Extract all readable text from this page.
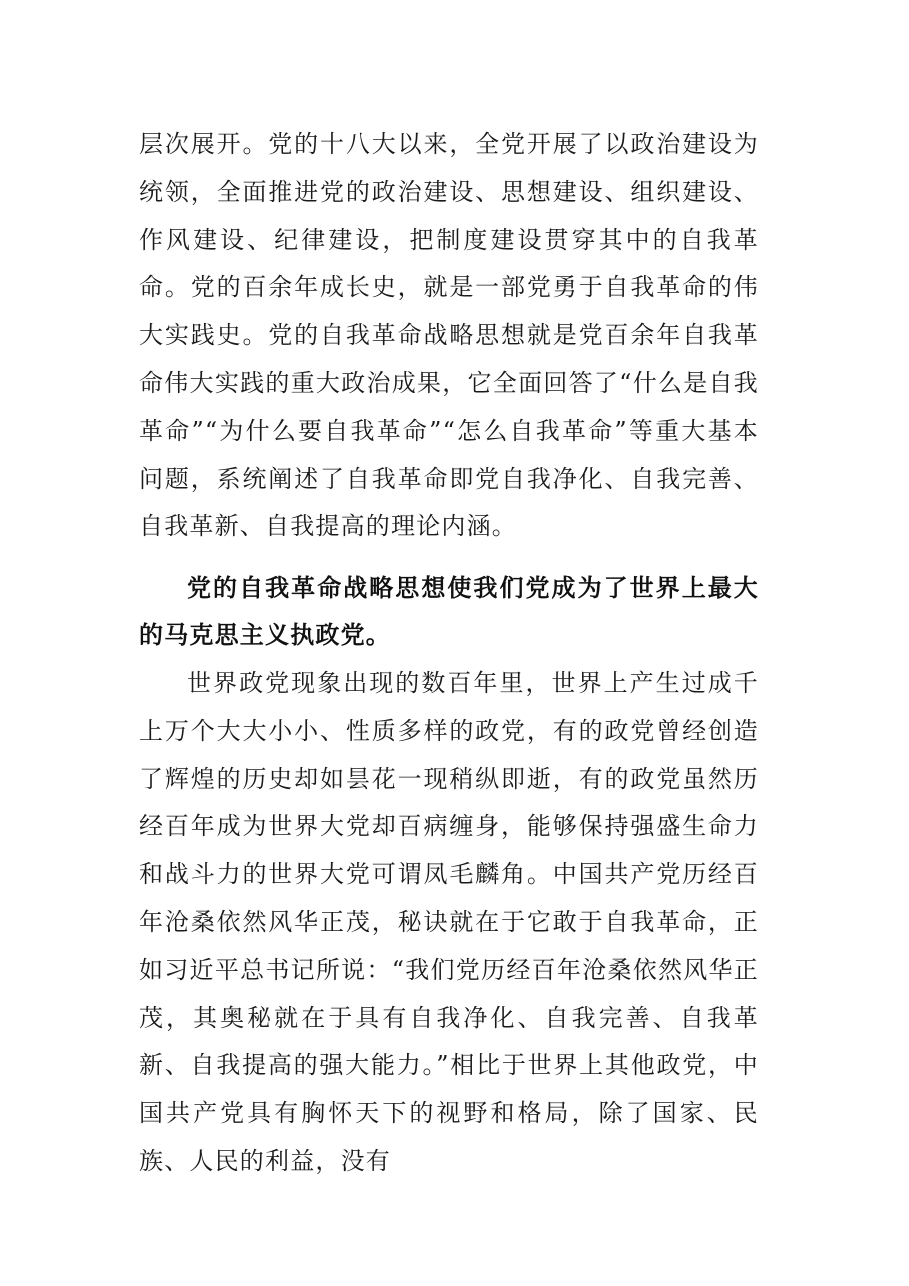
层次展开。党的十八大以来，全党开展了以政治建设为统领，全面推进党的政治建设、思想建设、组织建设、作风建设、纪律建设，把制度建设贯穿其中的自我革命。党的百余年成长史，就是一部党勇于自我革命的伟大实践史。党的自我革命战略思想就是党百余年自我革命伟大实践的重大政治成果，它全面回答了“什么是自我革命”“为什么要自我革命”“怎么自我革命”等重大基本问题，系统阐述了自我革命即党自我净化、自我完善、自我革新、自我提高的理论内涵。

党的自我革命战略思想使我们党成为了世界上最大的马克思主义执政党。

世界政党现象出现的数百年里，世界上产生过成千上万个大大小小、性质多样的政党，有的政党曾经创造了辉煌的历史却如昙花一现稍纵即逝，有的政党虽然历经百年成为世界大党却百病缠身，能够保持强盛生命力和战斗力的世界大党可谓凤毛麟角。中国共产党历经百年沧桑依然风华正茂，秘诀就在于它敢于自我革命，正如习近平总书记所说：“我们党历经百年沧桑依然风华正茂，其奥秘就在于具有自我净化、自我完善、自我革新、自我提高的强大能力。”相比于世界上其他政党，中国共产党具有胸怀天下的视野和格局，除了国家、民族、人民的利益，没有
